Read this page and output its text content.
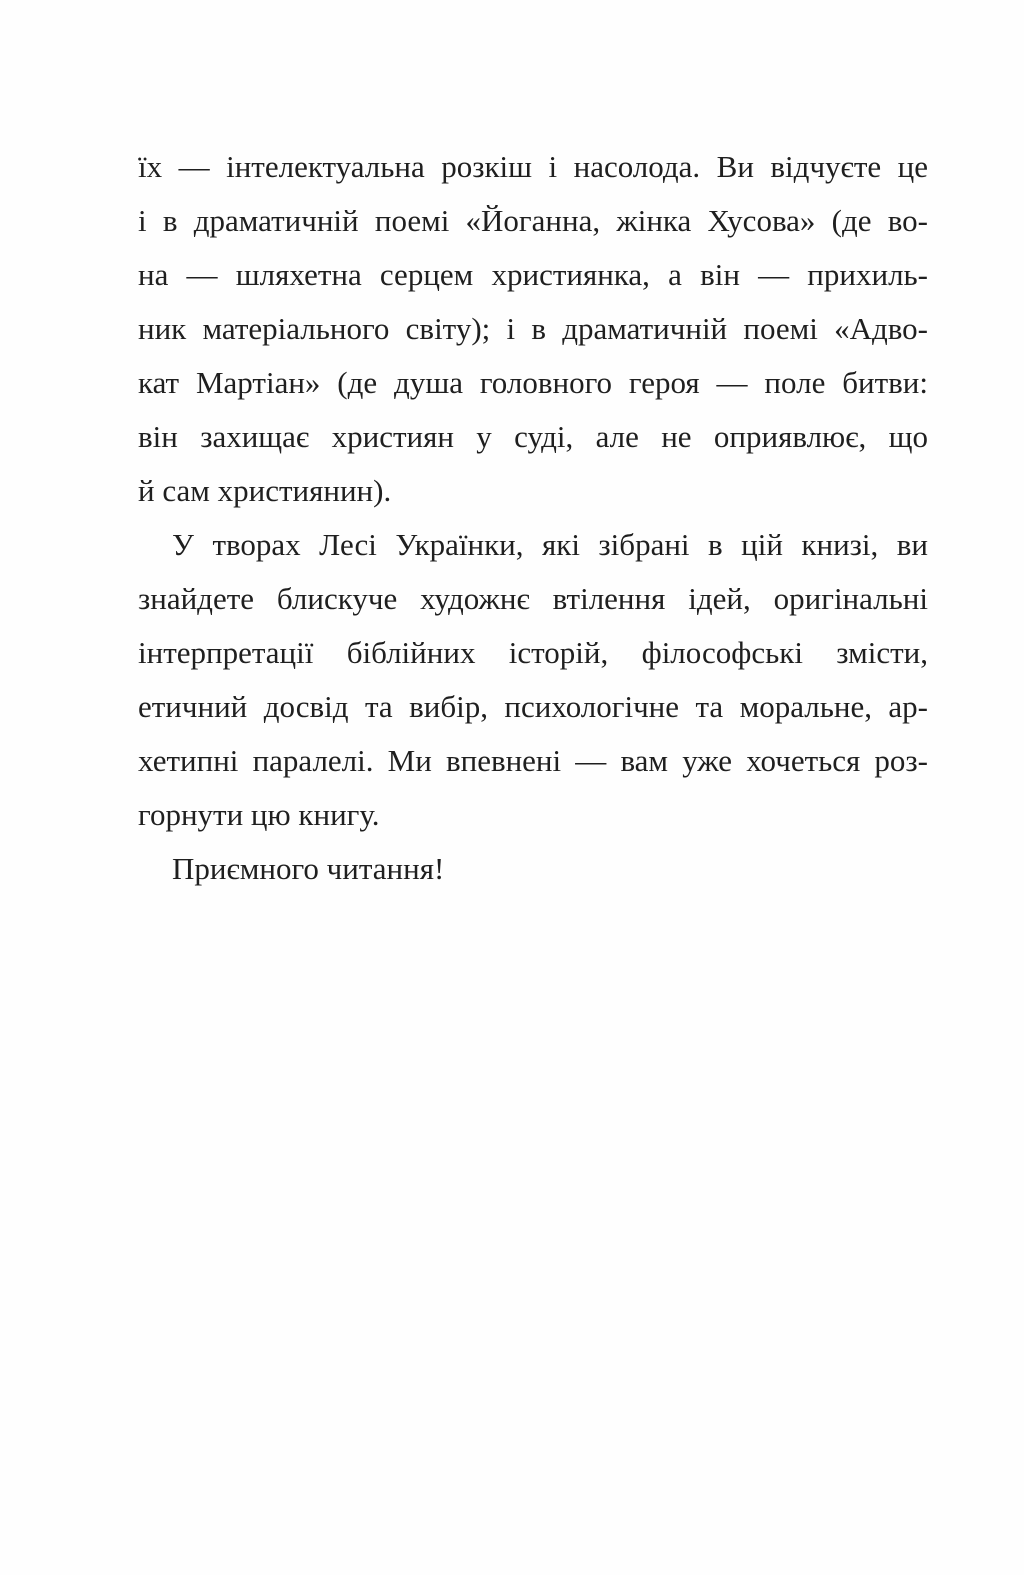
їх — інтелектуальна розкіш і насолода. Ви відчуєте це
і в драматичній поемі «Йоганна, жінка Хусова» (де во-
на — шляхетна серцем християнка, а він — прихиль-
ник матеріального світу); і в драматичній поемі «Адво-
кат Мартіан» (де душа головного героя — поле битви:
він захищає християн у суді, але не оприявлює, що
й сам християнин).
У творах Лесі Українки, які зібрані в цій книзі, ви
знайдете блискуче художнє втілення ідей, оригінальні
інтерпретації біблійних історій, філософські змісти,
етичний досвід та вибір, психологічне та моральне, ар-
хетипні паралелі. Ми впевнені — вам уже хочеться роз-
горнути цю книгу.
Приємного читання!
